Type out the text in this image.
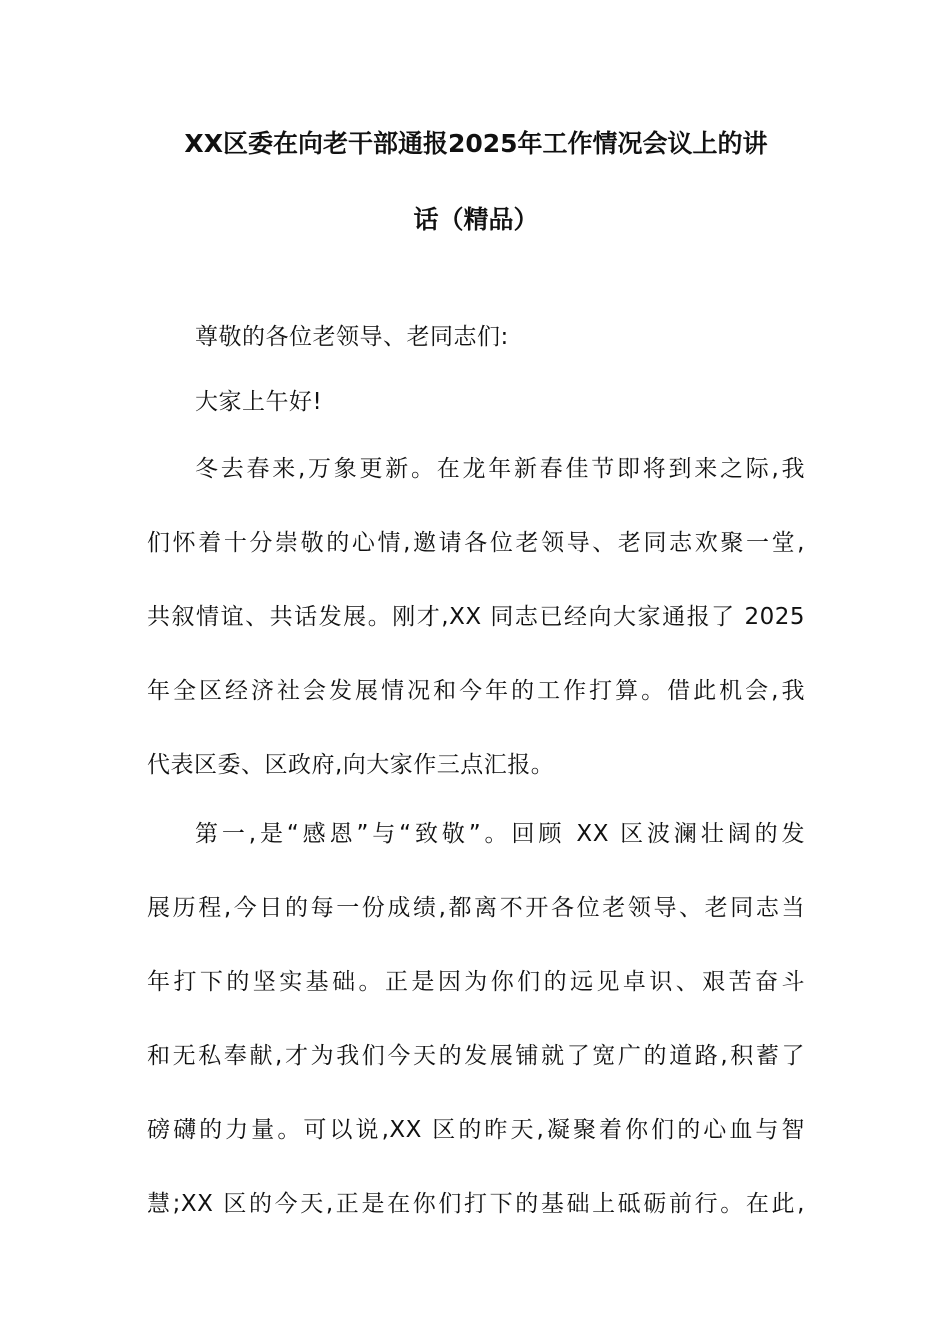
XX区委在向老干部通报2025年工作情况会议上的讲
话（精品）
尊敬的各位老领导、老同志们:
大家上午好!
冬去春来,万象更新。在龙年新春佳节即将到来之际,我
们怀着十分崇敬的心情,邀请各位老领导、老同志欢聚一堂,
共叙情谊、共话发展。刚才,XX 同志已经向大家通报了 2025
年全区经济社会发展情况和今年的工作打算。借此机会,我
代表区委、区政府,向大家作三点汇报。
第一,是“感恩”与“致敬”。回顾 XX 区波澜壮阔的发
展历程,今日的每一份成绩,都离不开各位老领导、老同志当
年打下的坚实基础。正是因为你们的远见卓识、艰苦奋斗
和无私奉献,才为我们今天的发展铺就了宽广的道路,积蓄了
磅礴的力量。可以说,XX 区的昨天,凝聚着你们的心血与智
慧;XX 区的今天,正是在你们打下的基础上砥砺前行。在此,
